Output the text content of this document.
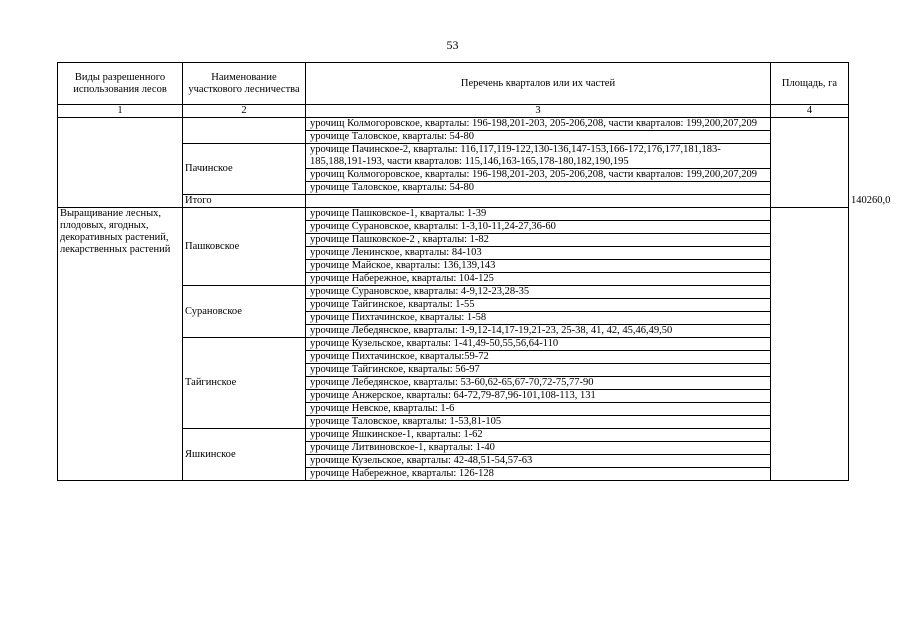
53
Виды разрешенного использования лесов	Наименование участкового лесничества	Перечень кварталов или их частей	Площадь, га	
1	2	3	4	
		урочищ Колмогоровское, кварталы: 196-198,201-203, 205-206,208, части кварталов: 199,200,207,209		
		урочище Таловское, кварталы: 54-80		
	Пачинское	урочище Пачинское-2, кварталы: 116,117,119-122,130-136,147-153,166-172,176,177,181,183-185,188,191-193, части кварталов: 115,146,163-165,178-180,182,190,195		
		урочищ Колмогоровское, кварталы: 196-198,201-203, 205-206,208, части кварталов: 199,200,207,209		
		урочище Таловское, кварталы: 54-80		
	Итого			140260,0
Выращивание лесных, плодовых, ягодных, декоративных растений, лекарственных растений	Пашковское	урочище Пашковское-1, кварталы: 1-39		
		урочище Сурановское, кварталы: 1-3,10-11,24-27,36-60		
		урочище Пашковское-2 , кварталы: 1-82		
		урочище Ленинское, кварталы: 84-103		
		урочище Майское, кварталы: 136,139,143		
		урочище Набережное, кварталы: 104-125		
	Сурановское	урочище Сурановское, кварталы: 4-9,12-23,28-35		
		урочище Тайгинское, кварталы: 1-55		
		урочище Пихтачинское, кварталы: 1-58		
		урочище Лебедянское, кварталы: 1-9,12-14,17-19,21-23, 25-38, 41, 42, 45,46,49,50		
	Тайгинское	урочище Кузельское, кварталы: 1-41,49-50,55,56,64-110		
		урочище Пихтачинское, кварталы:59-72		
		урочище Тайгинское, кварталы: 56-97		
		урочище Лебедянское, кварталы: 53-60,62-65,67-70,72-75,77-90		
		урочище Анжерское, кварталы: 64-72,79-87,96-101,108-113, 131		
		урочище Невское, кварталы: 1-6		
		урочище Таловское, кварталы: 1-53,81-105		
	Яшкинское	урочище Яшкинское-1, кварталы: 1-62		
		урочище Литвиновское-1, кварталы: 1-40		
		урочище Кузельское, кварталы: 42-48,51-54,57-63		
		урочище Набережное, кварталы: 126-128		
